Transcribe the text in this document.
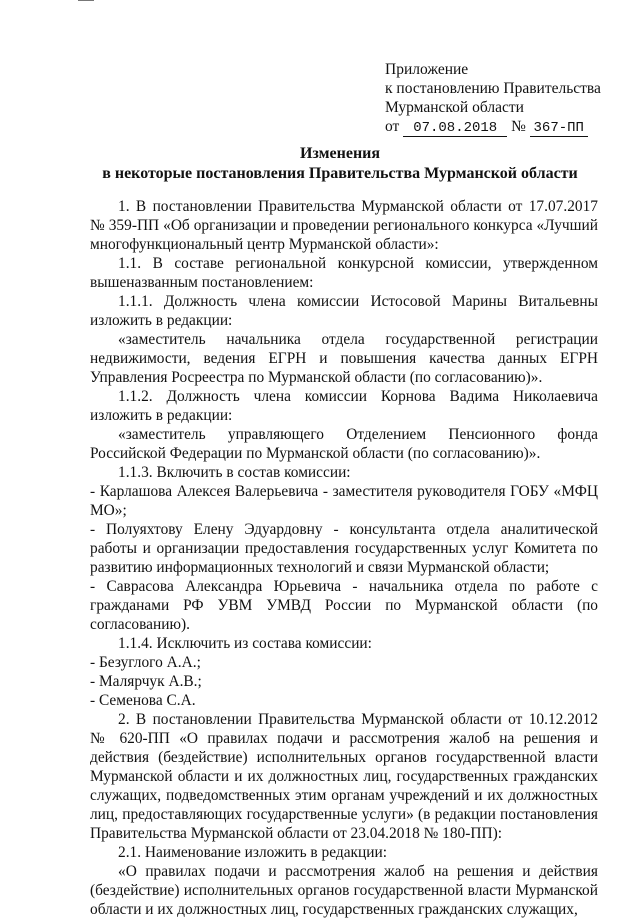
Приложение
к постановлению Правительства
Мурманской области
от 07.08.2018 № 367-ПП
Изменения
в некоторые постановления Правительства Мурманской области

1. В постановлении Правительства Мурманской области от 17.07.2017 № 359-ПП «Об организации и проведении регионального конкурса «Лучший многофункциональный центр Мурманской области»:

1.1. В составе региональной конкурсной комиссии, утвержденном вышеназванным постановлением:

1.1.1. Должность члена комиссии Истосовой Марины Витальевны изложить в редакции:

«заместитель начальника отдела государственной регистрации недвижимости, ведения ЕГРН и повышения качества данных ЕГРН Управления Росреестра по Мурманской области (по согласованию)».

1.1.2. Должность члена комиссии Корнова Вадима Николаевича изложить в редакции:

«заместитель управляющего Отделением Пенсионного фонда Российской Федерации по Мурманской области (по согласованию)».

1.1.3. Включить в состав комиссии:

- Карлашова Алексея Валерьевича - заместителя руководителя ГОБУ «МФЦ МО»;

- Полуяхтову Елену Эдуардовну - консультанта отдела аналитической работы и организации предоставления государственных услуг Комитета по развитию информационных технологий и связи Мурманской области;

- Саврасова Александра Юрьевича - начальника отдела по работе с гражданами РФ УВМ УМВД России по Мурманской области (по согласованию).

1.1.4. Исключить из состава комиссии:

- Безуглого А.А.;

- Малярчук А.В.;

- Семенова С.А.

2. В постановлении Правительства Мурманской области от 10.12.2012 № 620-ПП «О правилах подачи и рассмотрения жалоб на решения и действия (бездействие) исполнительных органов государственной власти Мурманской области и их должностных лиц, государственных гражданских служащих, подведомственных этим органам учреждений и их должностных лиц, предоставляющих государственные услуги» (в редакции постановления Правительства Мурманской области от 23.04.2018 № 180-ПП):

2.1. Наименование изложить в редакции:

«О правилах подачи и рассмотрения жалоб на решения и действия (бездействие) исполнительных органов государственной власти Мурманской области и их должностных лиц, государственных гражданских служащих,
